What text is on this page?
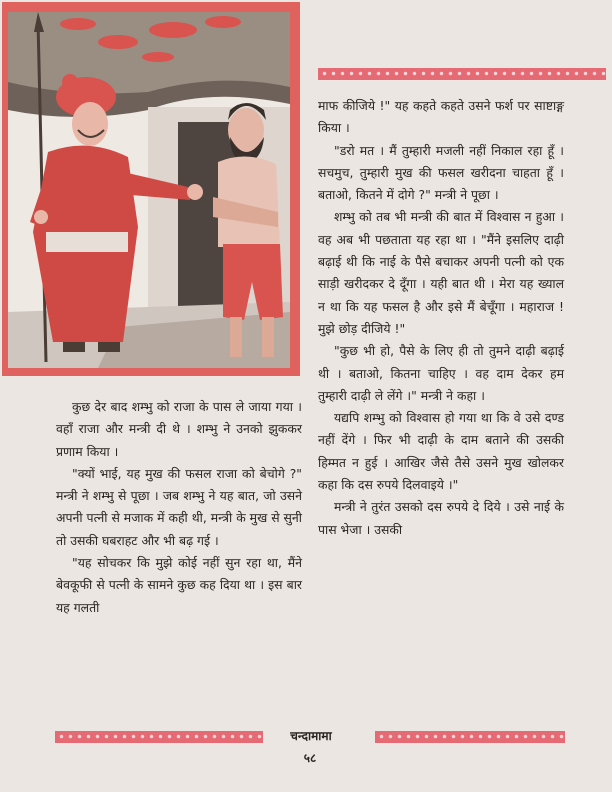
माफ कीजिये !" यह कहते कहते उसने फर्श पर साष्टाङ्ग किया ।

"डरो मत । मैं तुम्हारी मजली नहीं निकाल रहा हूँ । सचमुच, तुम्हारी मुख की फसल खरीदना चाहता हूँ । बताओ, कितने में दोगे ?" मन्त्री ने पूछा ।

शम्भु को तब भी मन्त्री की बात में विश्वास न हुआ । वह अब भी पछताता यह रहा था । "मैंने इसलिए दाढ़ी बढ़ाई थी कि नाई के पैसे बचाकर अपनी पत्नी को एक साड़ी खरीदकर दे दूँगा । यही बात थी । मेरा यह ख्याल न था कि यह फसल है और इसे मैं बेचूँगा । महाराज ! मुझे छोड़ दीजिये !"

"कुछ भी हो, पैसे के लिए ही तो तुमने दाढ़ी बढ़ाई थी । बताओ, कितना चाहिए । वह दाम देकर हम तुम्हारी दाढ़ी ले लेंगे ।" मन्त्री ने कहा ।

यद्यपि शम्भु को विश्वास हो गया था कि वे उसे दण्ड नहीं देंगे । फिर भी दाढ़ी के दाम बताने की उसकी हिम्मत न हुई । आखिर जैसे तैसे उसने मुख खोलकर कहा कि दस रुपये दिलवाइये ।"

मन्त्री ने तुरंत उसको दस रुपये दे दिये । उसे नाई के पास भेजा । उसकी

कुछ देर बाद शम्भु को राजा के पास ले जाया गया । वहाँ राजा और मन्त्री दी थे । शम्भु ने उनको झुककर प्रणाम किया ।

"क्यों भाई, यह मुख की फसल राजा को बेचोगे ?" मन्त्री ने शम्भु से पूछा । जब शम्भु ने यह बात, जो उसने अपनी पत्नी से मजाक में कही थी, मन्त्री के मुख से सुनी तो उसकी घबराहट और भी बढ़ गई ।

"यह सोचकर कि मुझे कोई नहीं सुन रहा था, मैंने बेवकूफी से पत्नी के सामने कुछ कह दिया था । इस बार यह गलती

चन्दामामा
५८
